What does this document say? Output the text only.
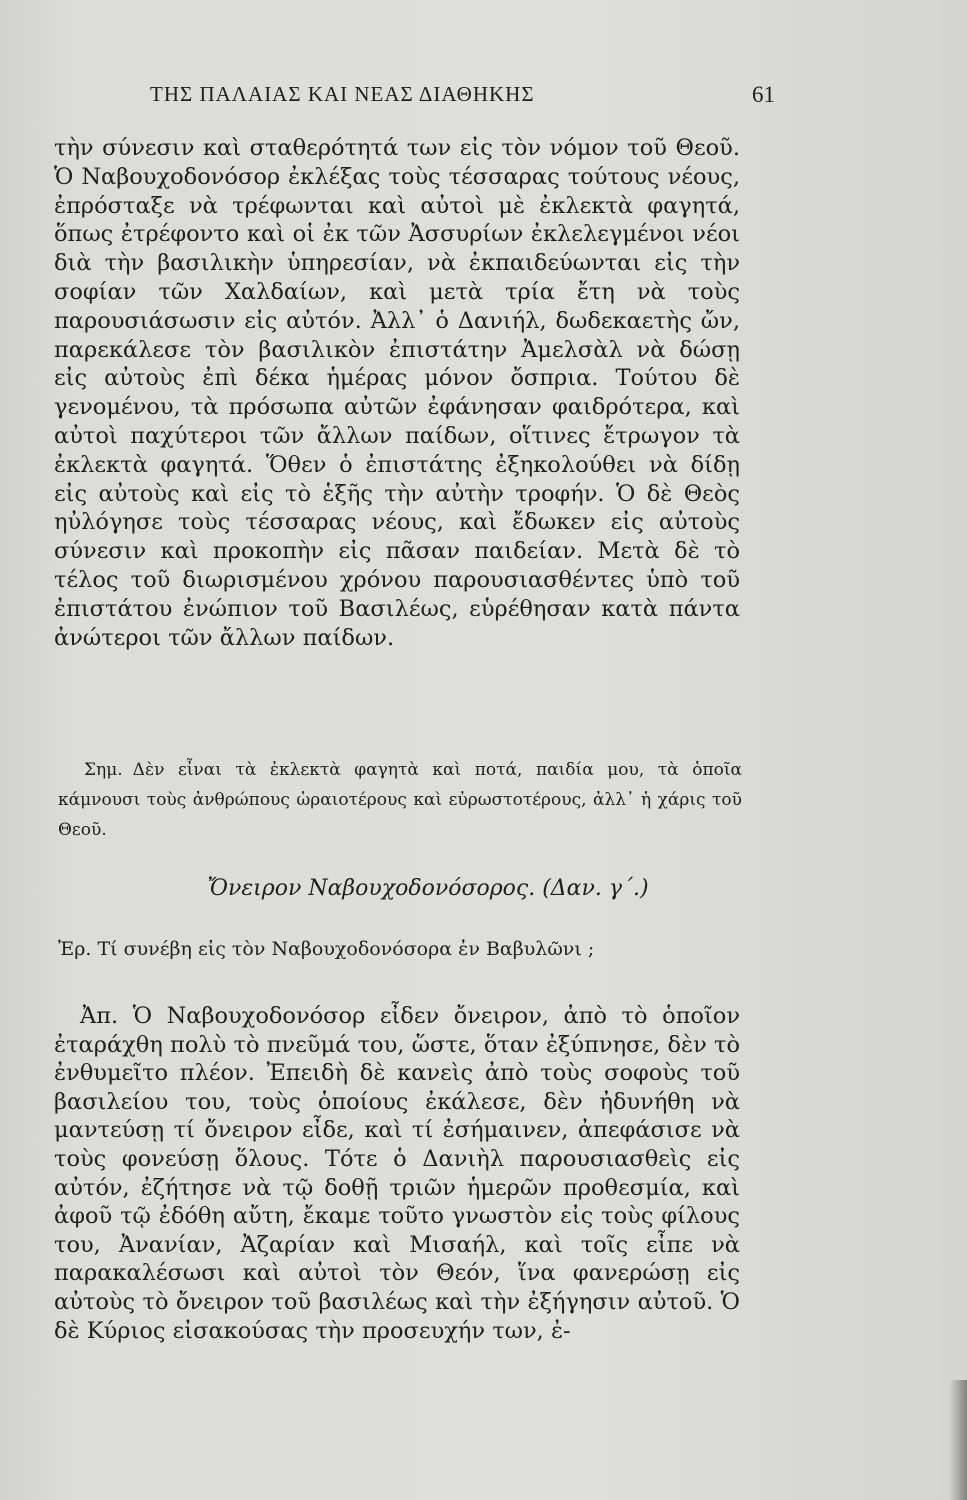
ΤΗΣ ΠΑΛΑΙΑΣ ΚΑΙ ΝΕΑΣ ΔΙΑΘΗΚΗΣ	61
τὴν σύνεσιν καὶ σταθερότητά των εἰς τὸν νόμον τοῦ Θεοῦ. Ὁ Ναβουχοδονόσορ ἐκλέξας τοὺς τέσσαρας τούτους νέους, ἐπρόσταξε νὰ τρέφωνται καὶ αὐτοὶ μὲ ἐκλεκτὰ φαγητά, ὅπως ἐτρέφοντο καὶ οἱ ἐκ τῶν Ἀσσυρίων ἐκλελεγμένοι νέοι διὰ τὴν βασιλικὴν ὑπηρεσίαν, νὰ ἐκπαιδεύωνται εἰς τὴν σοφίαν τῶν Χαλδαίων, καὶ μετὰ τρία ἔτη νὰ τοὺς παρουσιάσωσιν εἰς αὐτόν. Ἀλλ᾽ ὁ Δανιήλ, δωδεκαετὴς ὤν, παρεκάλεσε τὸν βασιλικὸν ἐπιστάτην Ἀμελσὰλ νὰ δώσῃ εἰς αὐτοὺς ἐπὶ δέκα ἡμέρας μόνον ὄσπρια. Τούτου δὲ γενομένου, τὰ πρόσωπα αὐτῶν ἐφάνησαν φαιδρότερα, καὶ αὐτοὶ παχύτεροι τῶν ἄλλων παίδων, οἵτινες ἔτρωγον τὰ ἐκλεκτὰ φαγητά. Ὅθεν ὁ ἐπιστάτης ἐξηκολούθει νὰ δίδῃ εἰς αὐτοὺς καὶ εἰς τὸ ἑξῆς τὴν αὐτὴν τροφήν. Ὁ δὲ Θεὸς ηὐλόγησε τοὺς τέσσαρας νέους, καὶ ἔδωκεν εἰς αὐτοὺς σύνεσιν καὶ προκοπὴν εἰς πᾶσαν παιδείαν. Μετὰ δὲ τὸ τέλος τοῦ διωρισμένου χρόνου παρουσιασθέντες ὑπὸ τοῦ ἐπιστάτου ἐνώπιον τοῦ Βασιλέως, εὑρέθησαν κατὰ πάντα ἀνώτεροι τῶν ἄλλων παίδων.
Σημ. Δὲν εἶναι τὰ ἐκλεκτὰ φαγητὰ καὶ ποτά, παιδία μου, τὰ ὁποῖα κάμνουσι τοὺς ἀνθρώπους ὡραιοτέρους καὶ εὐρωστοτέρους, ἀλλ᾽ ἡ χάρις τοῦ Θεοῦ.
Ὄνειρον Ναβουχοδονόσορος. (Δαν. γ΄.)
Ἐρ. Τί συνέβη εἰς τὸν Ναβουχοδονόσορα ἐν Βαβυλῶνι ;
Ἀπ. Ὁ Ναβουχοδονόσορ εἶδεν ὄνειρον, ἀπὸ τὸ ὁποῖον ἐταράχθη πολὺ τὸ πνεῦμά του, ὥστε, ὅταν ἐξύπνησε, δὲν τὸ ἐνθυμεῖτο πλέον. Ἐπειδὴ δὲ κανεὶς ἀπὸ τοὺς σοφοὺς τοῦ βασιλείου του, τοὺς ὁποίους ἐκάλεσε, δὲν ἠδυνήθη νὰ μαντεύσῃ τί ὄνειρον εἶδε, καὶ τί ἐσήμαινεν, ἀπεφάσισε νὰ τοὺς φονεύσῃ ὅλους. Τότε ὁ Δανιὴλ παρουσιασθεὶς εἰς αὐτόν, ἐζήτησε νὰ τῷ δοθῇ τριῶν ἡμερῶν προθεσμία, καὶ ἀφοῦ τῷ ἐδόθη αὔτη, ἔκαμε τοῦτο γνωστὸν εἰς τοὺς φίλους του, Ἀνανίαν, Ἀζαρίαν καὶ Μισαήλ, καὶ τοῖς εἶπε νὰ παρακαλέσωσι καὶ αὐτοὶ τὸν Θεόν, ἵνα φανερώσῃ εἰς αὐτοὺς τὸ ὄνειρον τοῦ βασιλέως καὶ τὴν ἐξήγησιν αὐτοῦ. Ὁ δὲ Κύριος εἰσακούσας τὴν προσευχήν των, ἐ-
